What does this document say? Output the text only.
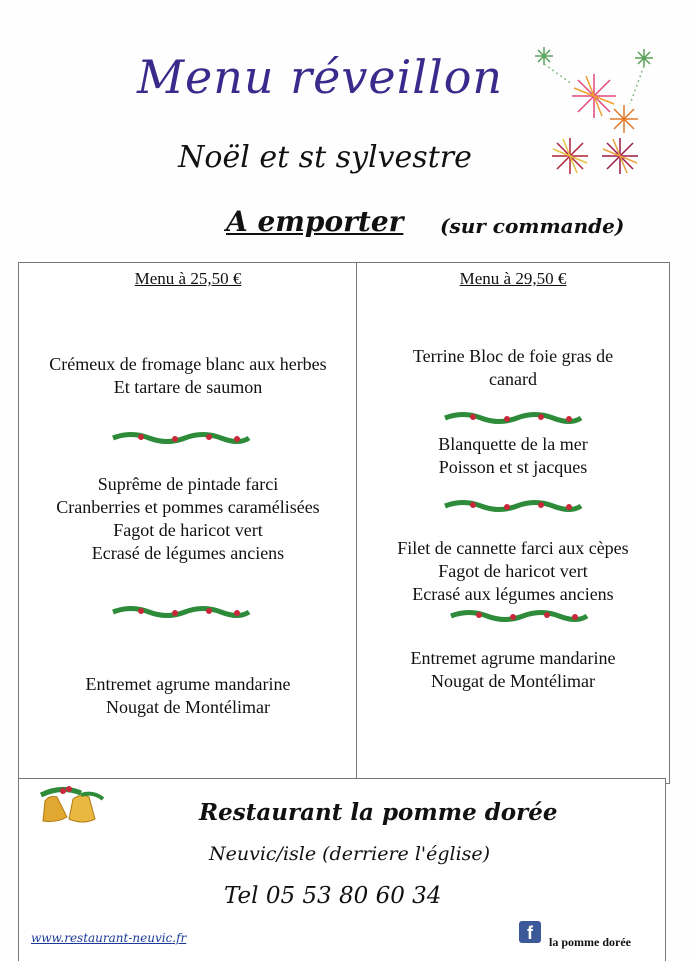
Menu réveillon
Noël et st sylvestre
A emporter (sur commande)
Menu à 25,50 €
Crémeux de fromage blanc aux herbes
Et tartare de saumon
Suprême de pintade farci
Cranberries et pommes caramélisées
Fagot de haricot vert
Ecrasé de légumes anciens
Entremet agrume mandarine
Nougat de Montélimar
Menu à 29,50 €
Terrine Bloc de foie gras de
canard
Blanquette de la mer
Poisson et st jacques
Filet de cannette farci aux cèpes
Fagot de haricot vert
Ecrasé aux légumes anciens
Entremet agrume mandarine
Nougat de Montélimar
Restaurant la pomme dorée
Neuvic/isle (derriere l'église)
Tel 05 53 80 60 34
www.restaurant-neuvic.fr	f	la pomme dorée
